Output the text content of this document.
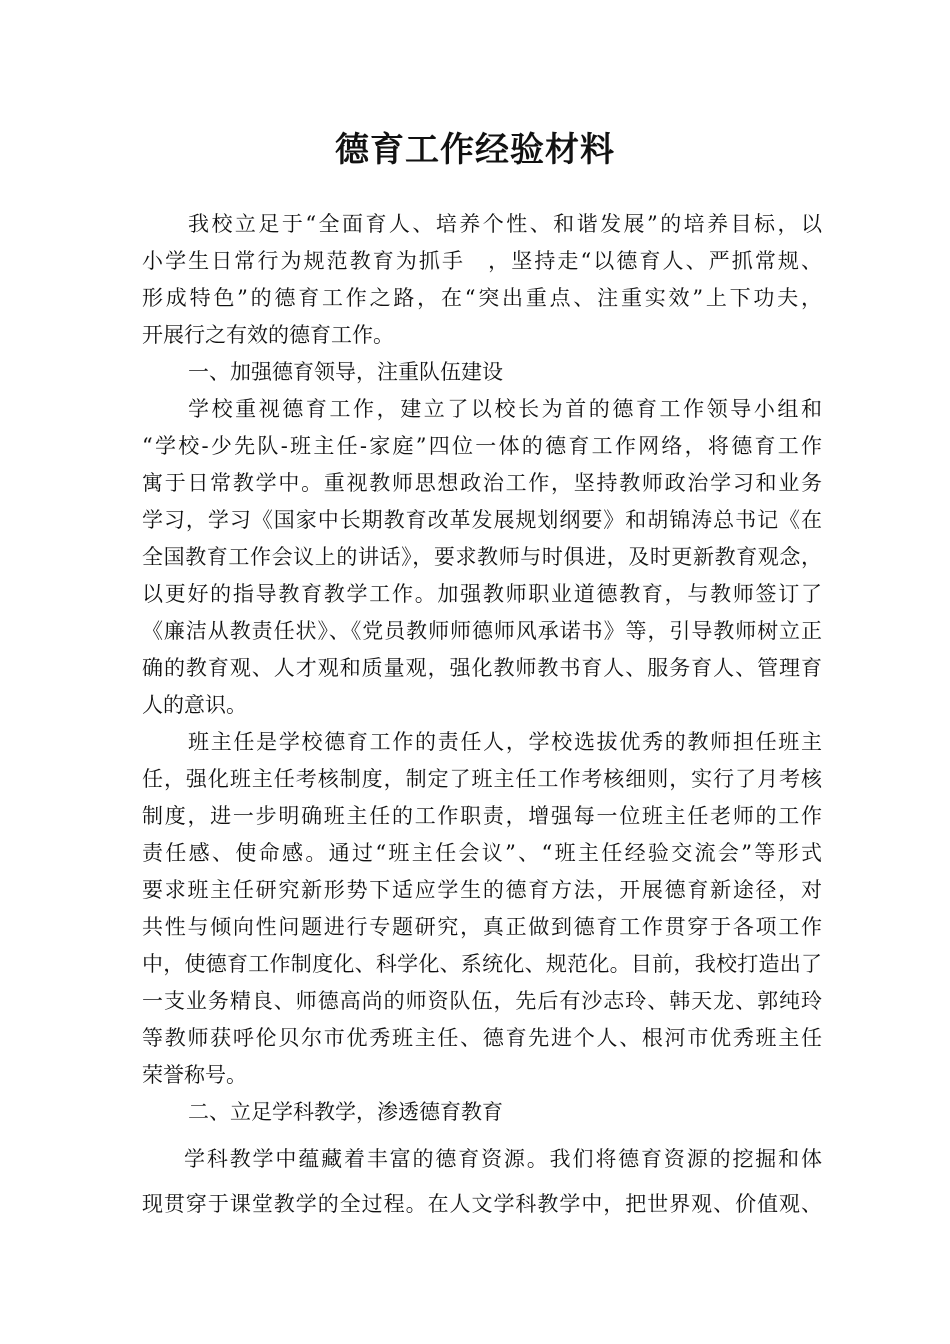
德育工作经验材料
我校立足于“全面育人、培养个性、和谐发展”的培养目标，以
小学生日常行为规范教育为抓手　，坚持走“以德育人、严抓常规、
形成特色”的德育工作之路，在“突出重点、注重实效”上下功夫，
开展行之有效的德育工作。
一、加强德育领导，注重队伍建设
学校重视德育工作，建立了以校长为首的德育工作领导小组和
“学校-少先队-班主任-家庭”四位一体的德育工作网络，将德育工作
寓于日常教学中。重视教师思想政治工作，坚持教师政治学习和业务
学习，学习《国家中长期教育改革发展规划纲要》和胡锦涛总书记《在
全国教育工作会议上的讲话》，要求教师与时俱进，及时更新教育观念，
以更好的指导教育教学工作。加强教师职业道德教育，与教师签订了
《廉洁从教责任状》、《党员教师师德师风承诺书》等，引导教师树立正
确的教育观、人才观和质量观，强化教师教书育人、服务育人、管理育
人的意识。
班主任是学校德育工作的责任人，学校选拔优秀的教师担任班主
任，强化班主任考核制度，制定了班主任工作考核细则，实行了月考核
制度，进一步明确班主任的工作职责，增强每一位班主任老师的工作
责任感、使命感。通过“班主任会议”、“班主任经验交流会”等形式
要求班主任研究新形势下适应学生的德育方法，开展德育新途径，对
共性与倾向性问题进行专题研究，真正做到德育工作贯穿于各项工作
中，使德育工作制度化、科学化、系统化、规范化。目前，我校打造出了
一支业务精良、师德高尚的师资队伍，先后有沙志玲、韩天龙、郭纯玲
等教师获呼伦贝尔市优秀班主任、德育先进个人、根河市优秀班主任
荣誉称号。
二、立足学科教学，渗透德育教育
学科教学中蕴藏着丰富的德育资源。我们将德育资源的挖掘和体
现贯穿于课堂教学的全过程。在人文学科教学中，把世界观、价值观、
